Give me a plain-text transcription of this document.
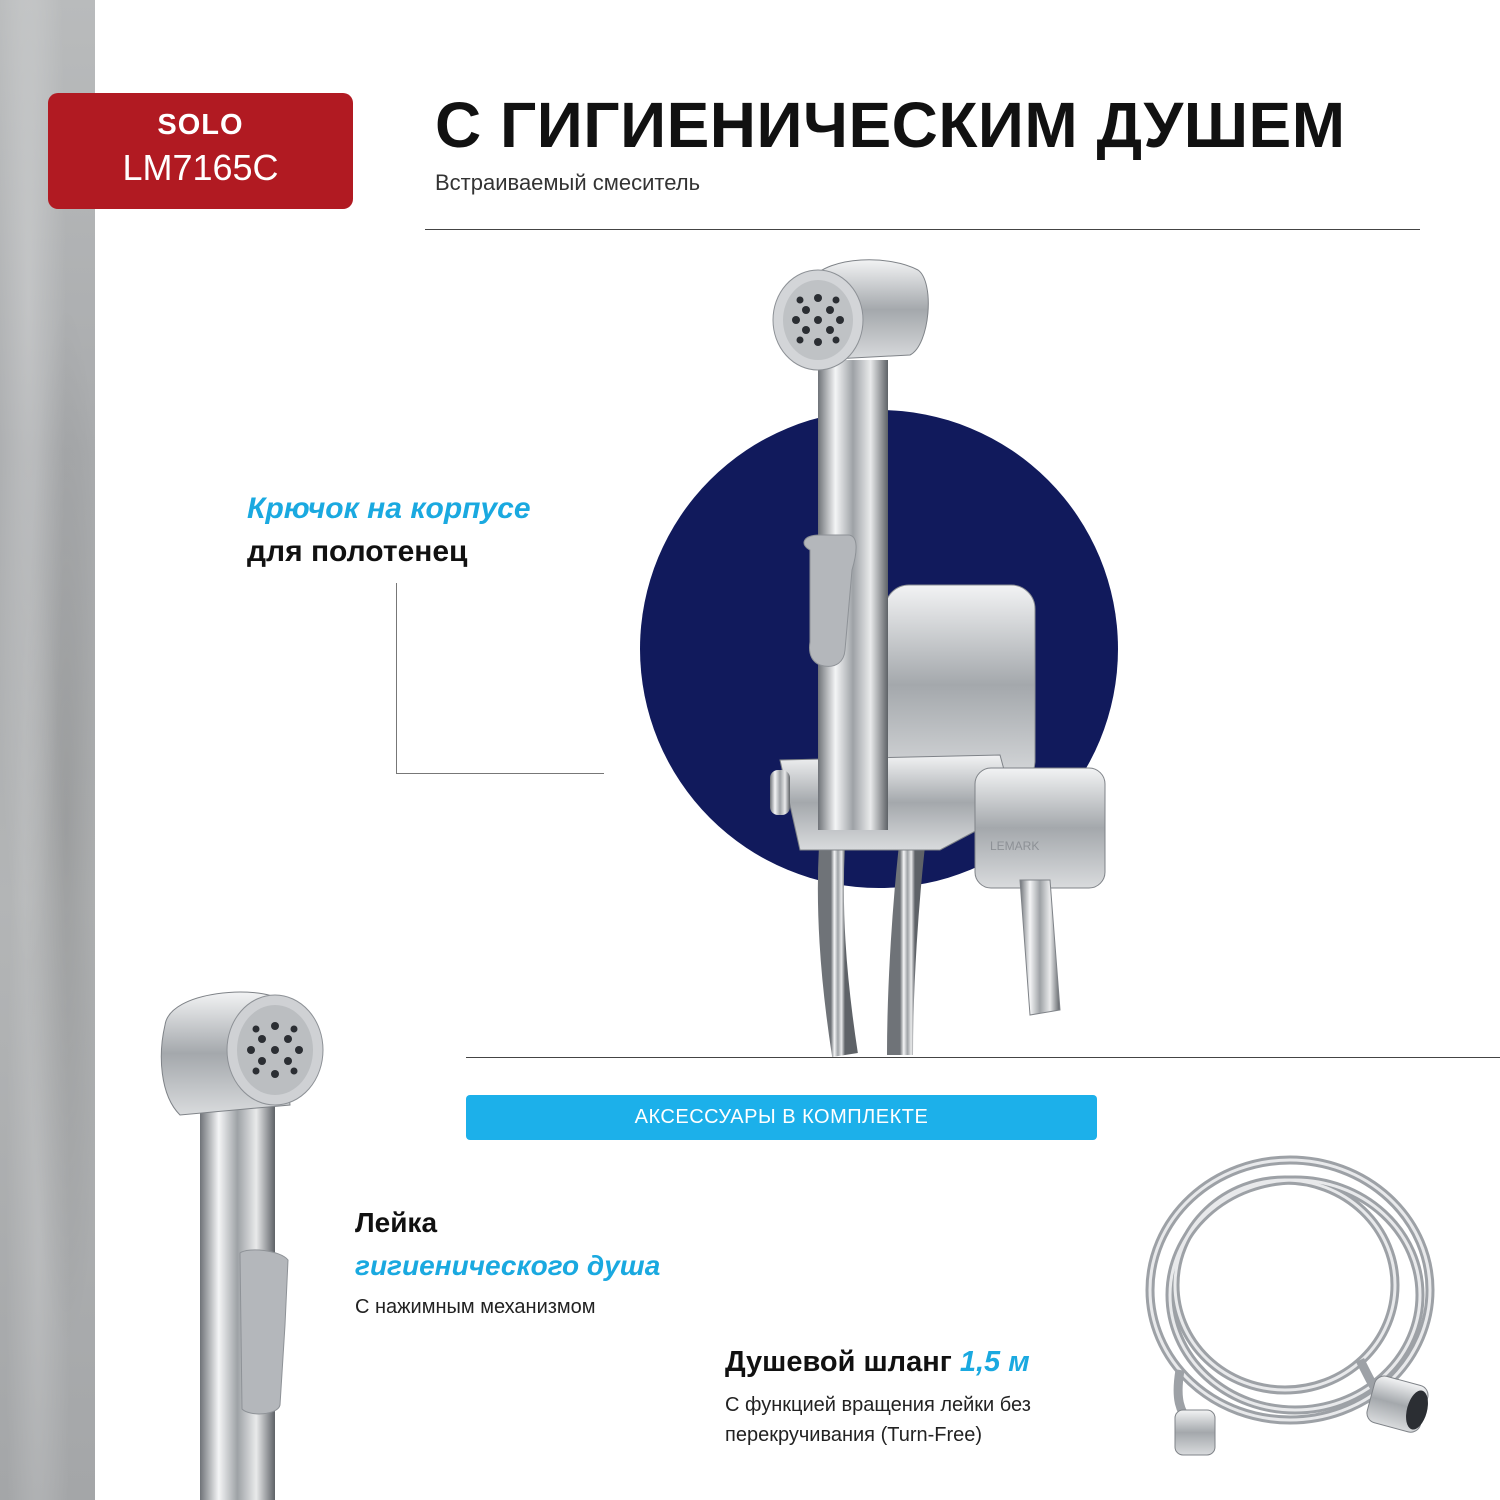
SOLO
LM7165C
С ГИГИЕНИЧЕСКИМ ДУШЕМ
Встраиваемый смеситель
LEMARK
Крючок на корпусе
для полотенец
АКСЕССУАРЫ В КОМПЛЕКТЕ
Лейка
гигиенического душа
С нажимным механизмом
Душевой шланг 1,5 м
С функцией вращения лейки без перекручивания (Turn-Free)
